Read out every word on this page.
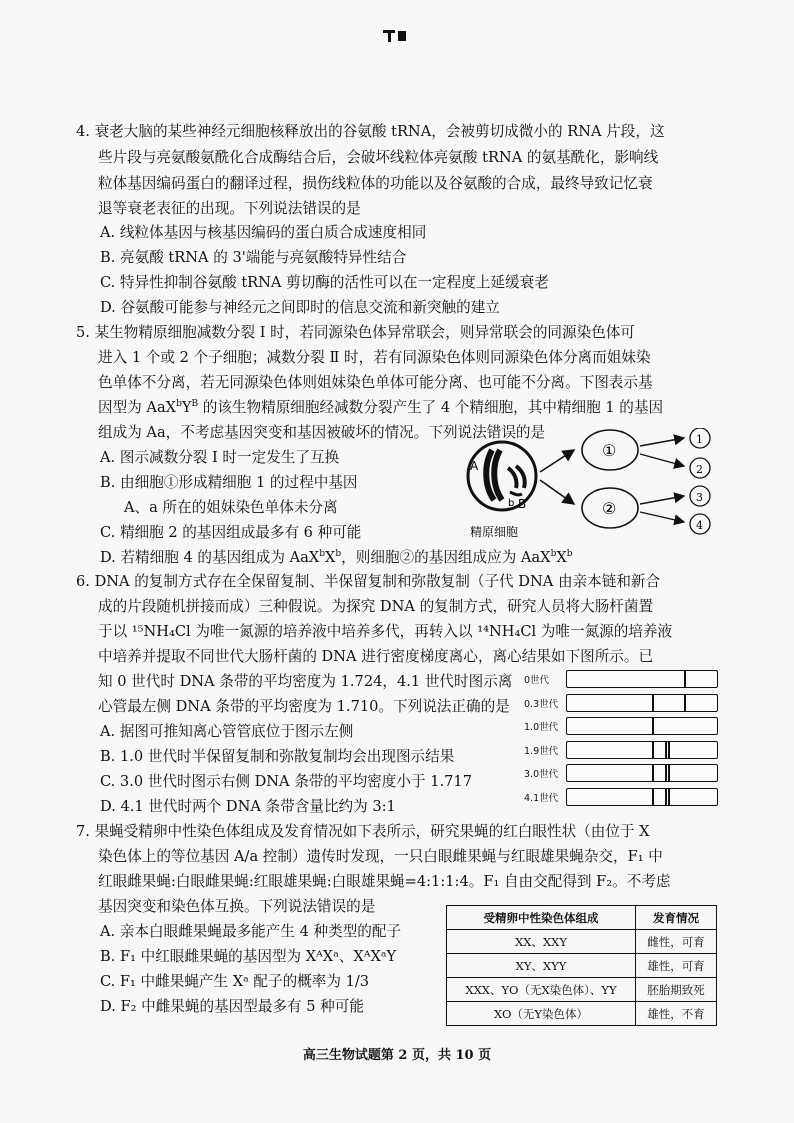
4. 衰老大脑的某些神经元细胞核释放出的谷氨酸 tRNA，会被剪切成微小的 RNA 片段，这
些片段与亮氨酸氨酰化合成酶结合后，会破坏线粒体亮氨酸 tRNA 的氨基酰化，影响线
粒体基因编码蛋白的翻译过程，损伤线粒体的功能以及谷氨酸的合成，最终导致记忆衰
退等衰老表征的出现。下列说法错误的是
A. 线粒体基因与核基因编码的蛋白质合成速度相同
B. 亮氨酸 tRNA 的 3'端能与亮氨酸特异性结合
C. 特异性抑制谷氨酸 tRNA 剪切酶的活性可以在一定程度上延缓衰老
D. 谷氨酸可能参与神经元之间即时的信息交流和新突触的建立
5. 某生物精原细胞减数分裂 Ⅰ 时，若同源染色体异常联会，则异常联会的同源染色体可
进入 1 个或 2 个子细胞；减数分裂 Ⅱ 时，若有同源染色体则同源染色体分离而姐妹染
色单体不分离，若无同源染色体则姐妹染色单体可能分离、也可能不分离。下图表示基
因型为 $AaX^bY^B$ 的该生物精原细胞经减数分裂产生了 4 个精细胞，其中精细胞 1 的基因
组成为 Aa，不考虑基因突变和基因被破坏的情况。下列说法错误的是
A. 图示减数分裂 Ⅰ 时一定发生了互换
B. 由细胞①形成精细胞 1 的过程中基因
A、a 所在的姐妹染色单体未分离
C. 精细胞 2 的基因组成最多有 6 种可能
D. 若精细胞 4 的基因组成为 $AaX^bX^b$，则细胞②的基因组成应为 $AaX^bX^b$
A
b B
精原细胞
①
②
1
2
3
4
6. DNA 的复制方式存在全保留复制、半保留复制和弥散复制（子代 DNA 由亲本链和新合
成的片段随机拼接而成）三种假说。为探究 DNA 的复制方式，研究人员将大肠杆菌置
于以 ¹⁵NH₄Cl 为唯一氮源的培养液中培养多代，再转入以 ¹⁴NH₄Cl 为唯一氮源的培养液
中培养并提取不同世代大肠杆菌的 DNA 进行密度梯度离心，离心结果如下图所示。已
知 0 世代时 DNA 条带的平均密度为 1.724，4.1 世代时图示离
心管最左侧 DNA 条带的平均密度为 1.710。下列说法正确的是
A. 据图可推知离心管管底位于图示左侧
B. 1.0 世代时半保留复制和弥散复制均会出现图示结果
C. 3.0 世代时图示右侧 DNA 条带的平均密度小于 1.717
D. 4.1 世代时两个 DNA 条带含量比约为 3:1
0世代
0.3世代
1.0世代
1.9世代
3.0世代
4.1世代
7. 果蝇受精卵中性染色体组成及发育情况如下表所示，研究果蝇的红白眼性状（由位于 X
染色体上的等位基因 A/a 控制）遗传时发现，一只白眼雌果蝇与红眼雄果蝇杂交，F₁ 中
红眼雌果蝇:白眼雌果蝇:红眼雄果蝇:白眼雄果蝇=4:1:1:4。F₁ 自由交配得到 F₂。不考虑
基因突变和染色体互换。下列说法错误的是
A. 亲本白眼雌果蝇最多能产生 4 种类型的配子
B. F₁ 中红眼雌果蝇的基因型为 XᴬXᵃ、XᴬXᵃY
C. F₁ 中雌果蝇产生 Xᵃ 配子的概率为 1/3
D. F₂ 中雌果蝇的基因型最多有 5 种可能
受精卵中性染色体组成	发育情况
XX、XXY	雌性，可育
XY、XYY	雄性，可育
XXX、YO（无X染色体）、YY	胚胎期致死
XO（无Y染色体）	雄性，不育
高三生物试题第 2 页，共 10 页
